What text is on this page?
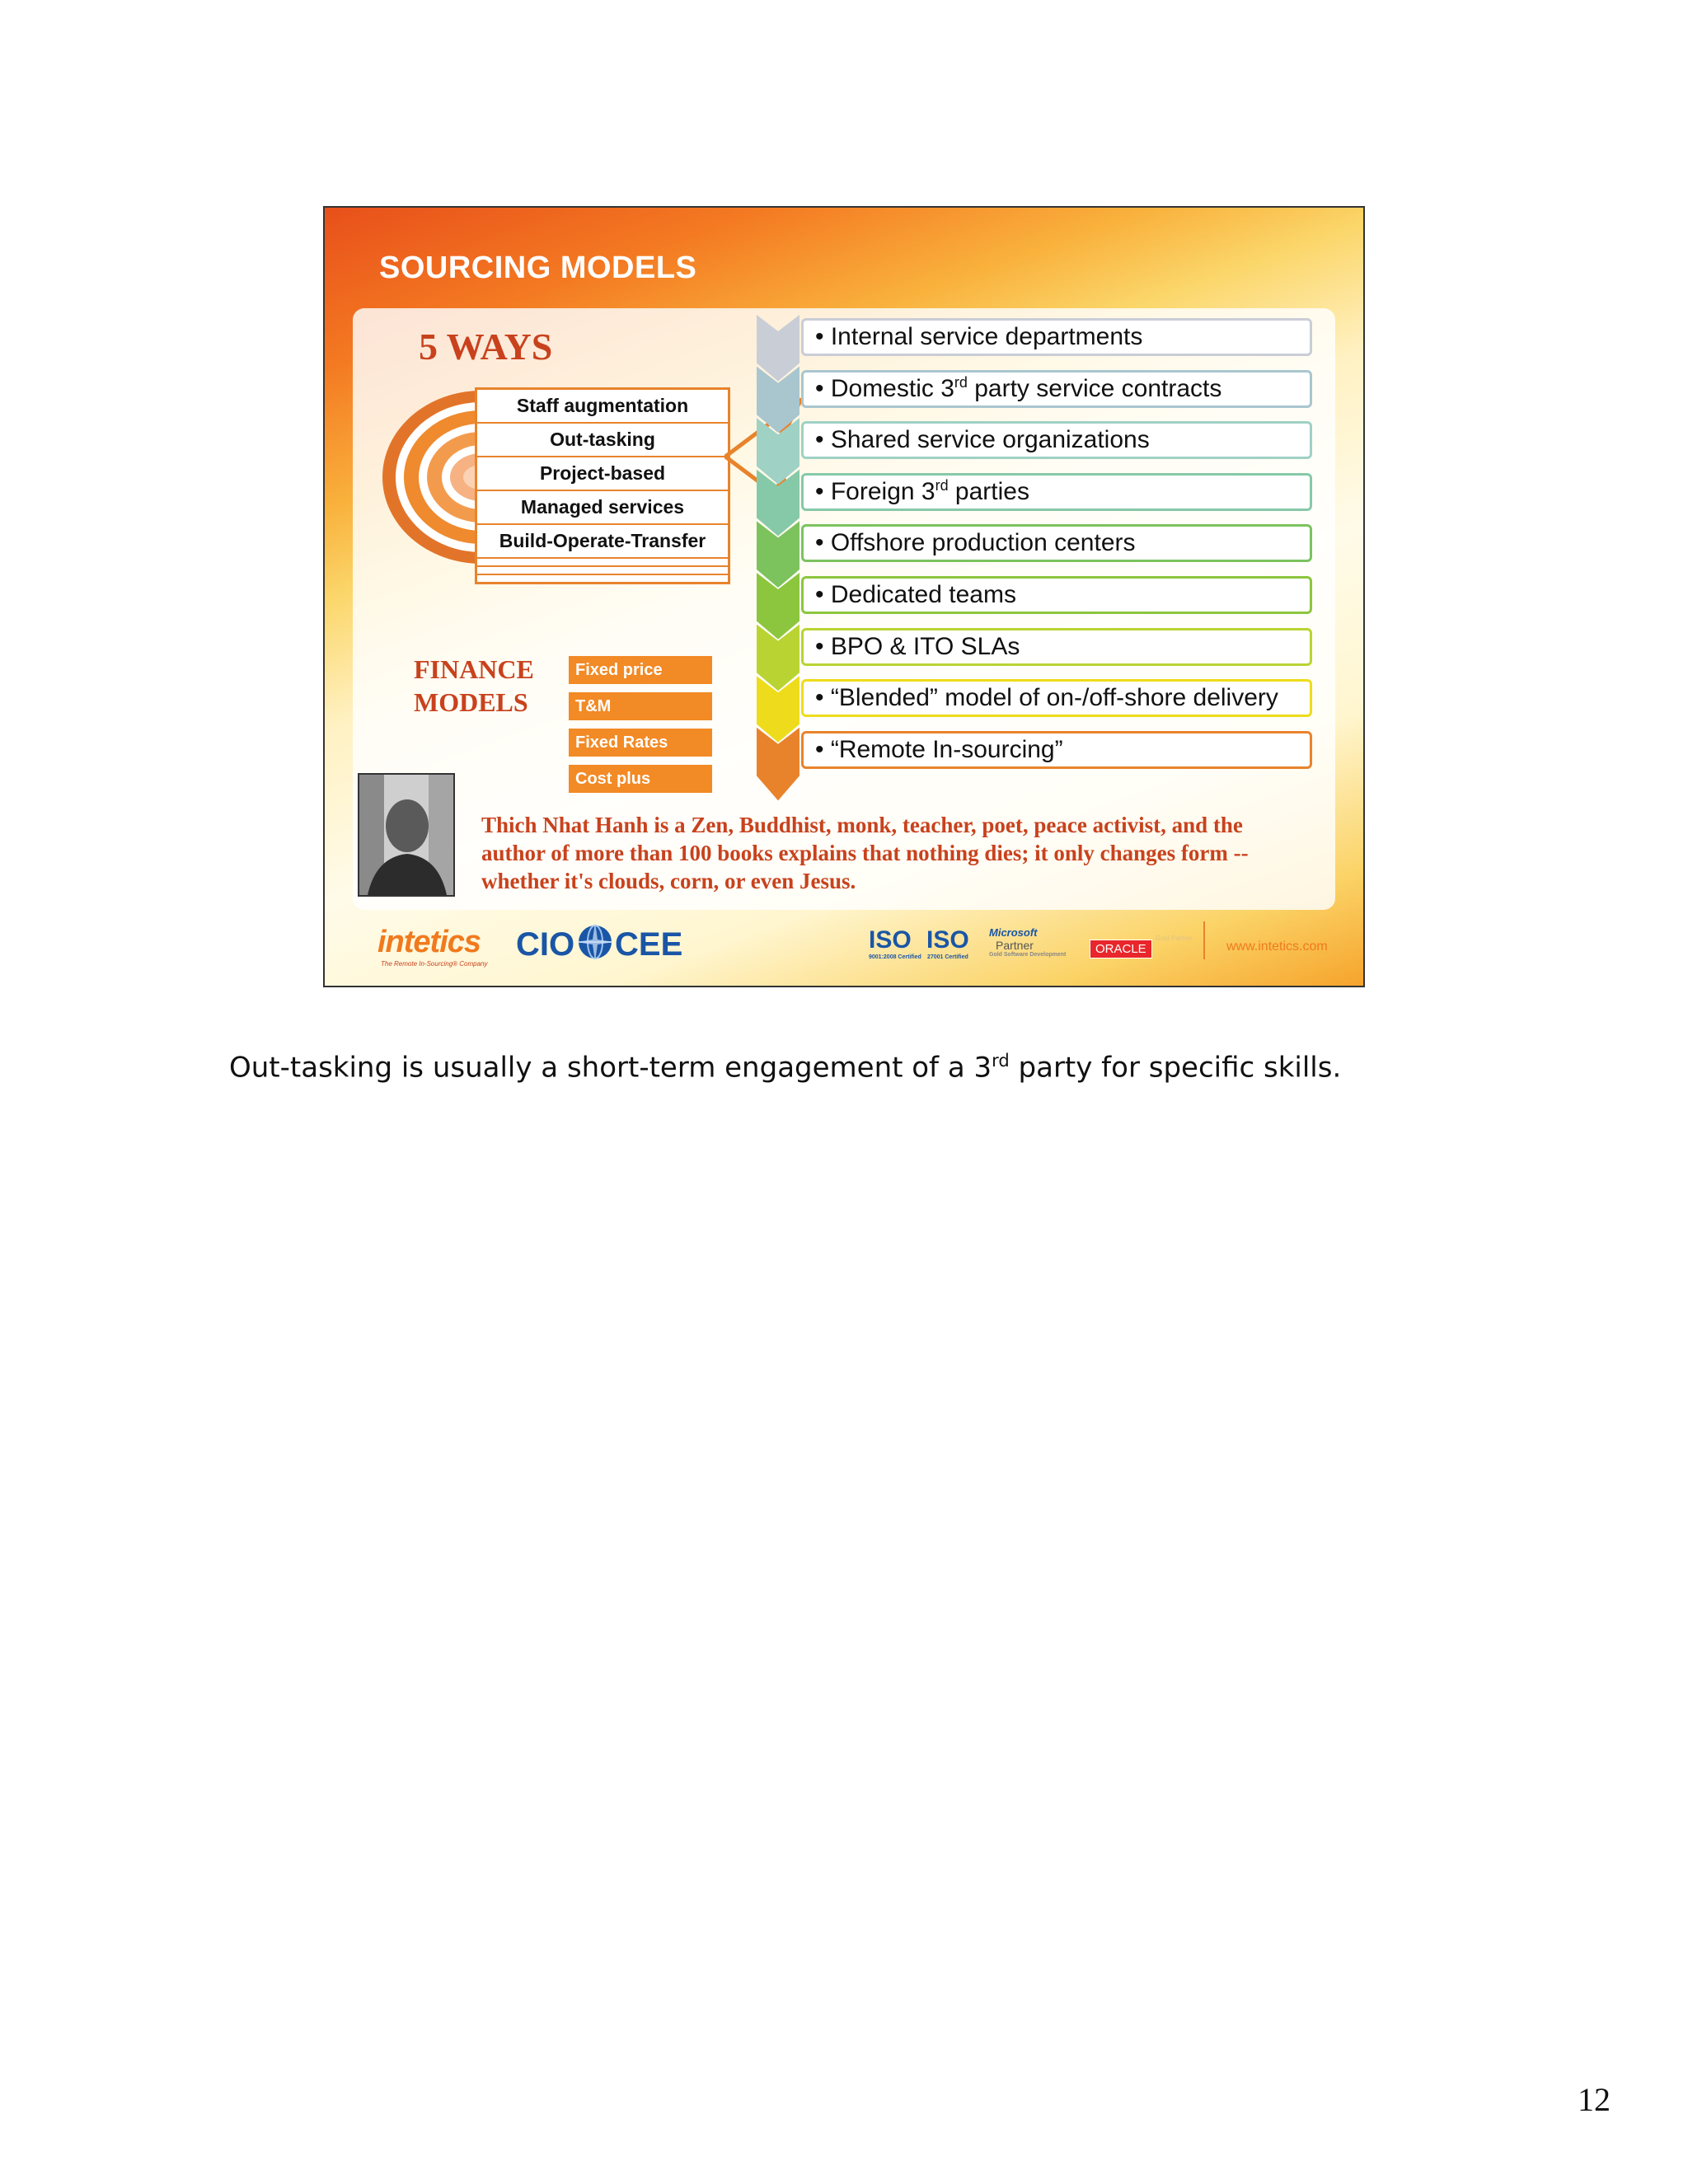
SOURCING MODELS
5 WAYS
Staff augmentation
Out-tasking
Project-based
Managed services
Build-Operate-Transfer
FINANCE
MODELS
Fixed price
T&M
Fixed Rates
Cost plus
• Internal service departments
• Domestic 3rd party service contracts
• Shared service organizations
• Foreign 3rd parties
• Offshore production centers
• Dedicated teams
• BPO & ITO SLAs
• “Blended” model of on-/off-shore delivery
• “Remote In-sourcing”
Thich Nhat Hanh is a Zen, Buddhist, monk, teacher, poet, peace activist, and the author of more than 100 books explains that nothing dies; it only changes form -- whether it's clouds, corn, or even Jesus.
intetics
The Remote In-Sourcing® Company
CIO CEE	ISO
9001:2008 Certified
ISO
27001 Certified
Microsoft
Partner
Gold Software Development	ORACLE
Gold Partner
www.intetics.com
Out-tasking is usually a short-term engagement of a 3rd party for specific skills.
12
